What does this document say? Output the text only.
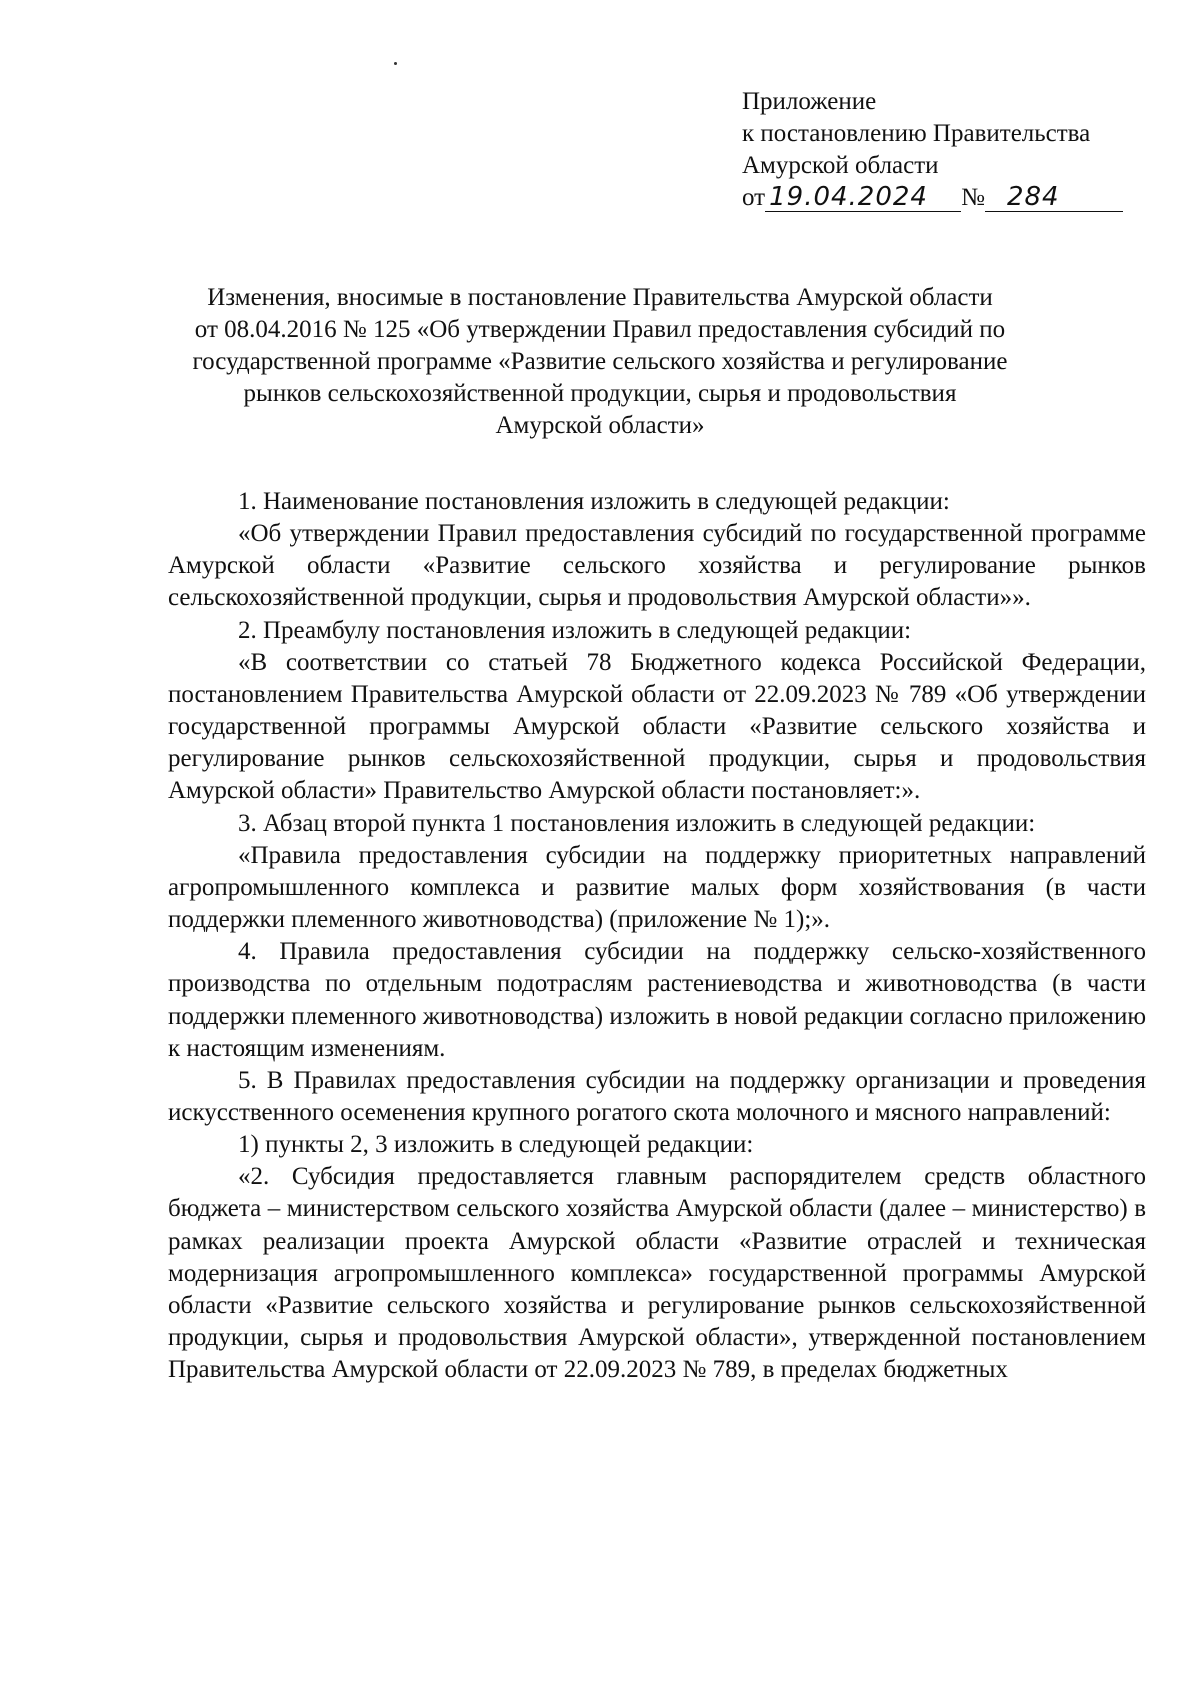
Приложение
к постановлению Правительства
Амурской области
от 19.04.2024 № 284
Изменения, вносимые в постановление Правительства Амурской области
от 08.04.2016 № 125 «Об утверждении Правил предоставления субсидий по
государственной программе «Развитие сельского хозяйства и регулирование
рынков сельскохозяйственной продукции, сырья и продовольствия
Амурской области»

1. Наименование постановления изложить в следующей редакции:

«Об утверждении Правил предоставления субсидий по государственной программе Амурской области «Развитие сельского хозяйства и регулирование рынков сельскохозяйственной продукции, сырья и продовольствия Амурской области»».

2. Преамбулу постановления изложить в следующей редакции:

«В соответствии со статьей 78 Бюджетного кодекса Российской Федерации, постановлением Правительства Амурской области от 22.09.2023 № 789 «Об утверждении государственной программы Амурской области «Развитие сельского хозяйства и регулирование рынков сельскохозяйственной продукции, сырья и продовольствия Амурской области» Правительство Амурской области постановляет:».

3. Абзац второй пункта 1 постановления изложить в следующей редакции:

«Правила предоставления субсидии на поддержку приоритетных направлений агропромышленного комплекса и развитие малых форм хозяйствования (в части поддержки племенного животноводства) (приложение № 1);».

4. Правила предоставления субсидии на поддержку сельско-хозяйственного производства по отдельным подотраслям растениеводства и животноводства (в части поддержки племенного животноводства) изложить в новой редакции согласно приложению к настоящим изменениям.

5. В Правилах предоставления субсидии на поддержку организации и проведения искусственного осеменения крупного рогатого скота молочного и мясного направлений:

1) пункты 2, 3 изложить в следующей редакции:

«2. Субсидия предоставляется главным распорядителем средств областного бюджета – министерством сельского хозяйства Амурской области (далее – министерство) в рамках реализации проекта Амурской области «Развитие отраслей и техническая модернизация агропромышленного комплекса» государственной программы Амурской области «Развитие сельского хозяйства и регулирование рынков сельскохозяйственной продукции, сырья и продовольствия Амурской области», утвержденной постановлением Правительства Амурской области от 22.09.2023 № 789, в пределах бюджетных
